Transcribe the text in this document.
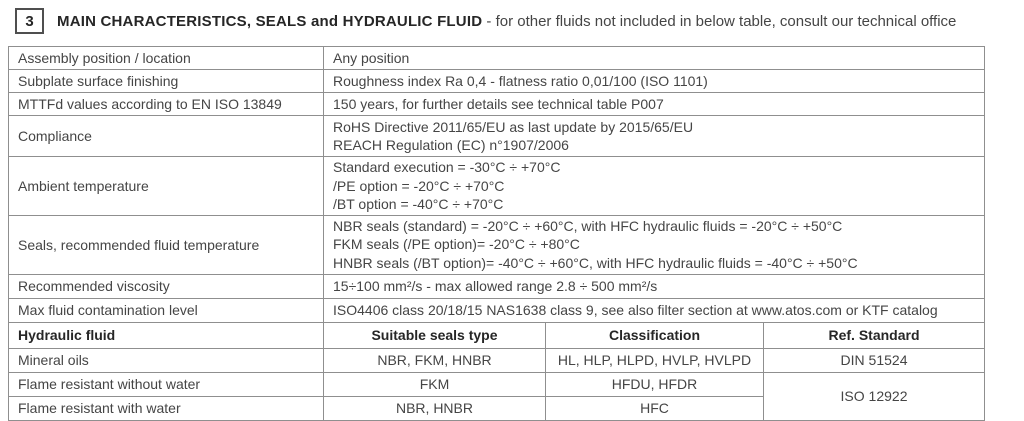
3 MAIN CHARACTERISTICS, SEALS and HYDRAULIC FLUID - for other fluids not included in below table, consult our technical office
Assembly position / location	Any position		
Subplate surface finishing	Roughness index Ra 0,4 - flatness ratio 0,01/100 (ISO 1101)		
MTTFd values according to EN ISO 13849	150 years, for further details see technical table P007		
Compliance	RoHS Directive 2011/65/EU as last update by 2015/65/EU
REACH Regulation (EC) n°1907/2006		

Ambient temperature	Standard execution = -30°C ÷ +70°C
/PE option = -20°C ÷ +70°C
/BT option = -40°C ÷ +70°C		

Seals, recommended fluid temperature	NBR seals (standard) = -20°C ÷ +60°C, with HFC hydraulic fluids = -20°C ÷ +50°C
FKM seals (/PE option)= -20°C ÷ +80°C
HNBR seals (/BT option)= -40°C ÷ +60°C, with HFC hydraulic fluids = -40°C ÷ +50°C		

Recommended viscosity	15÷100 mm²/s - max allowed range 2.8 ÷ 500 mm²/s		
Max fluid contamination level	ISO4406 class 20/18/15 NAS1638 class 9, see also filter section at www.atos.com or KTF catalog		
Hydraulic fluid	Suitable seals type	Classification	Ref. Standard
Mineral oils	NBR, FKM, HNBR	HL, HLP, HLPD, HVLP, HVLPD	DIN 51524
Flame resistant without water	FKM	HFDU, HFDR	ISO 12922
Flame resistant with water	NBR, HNBR	HFC	
